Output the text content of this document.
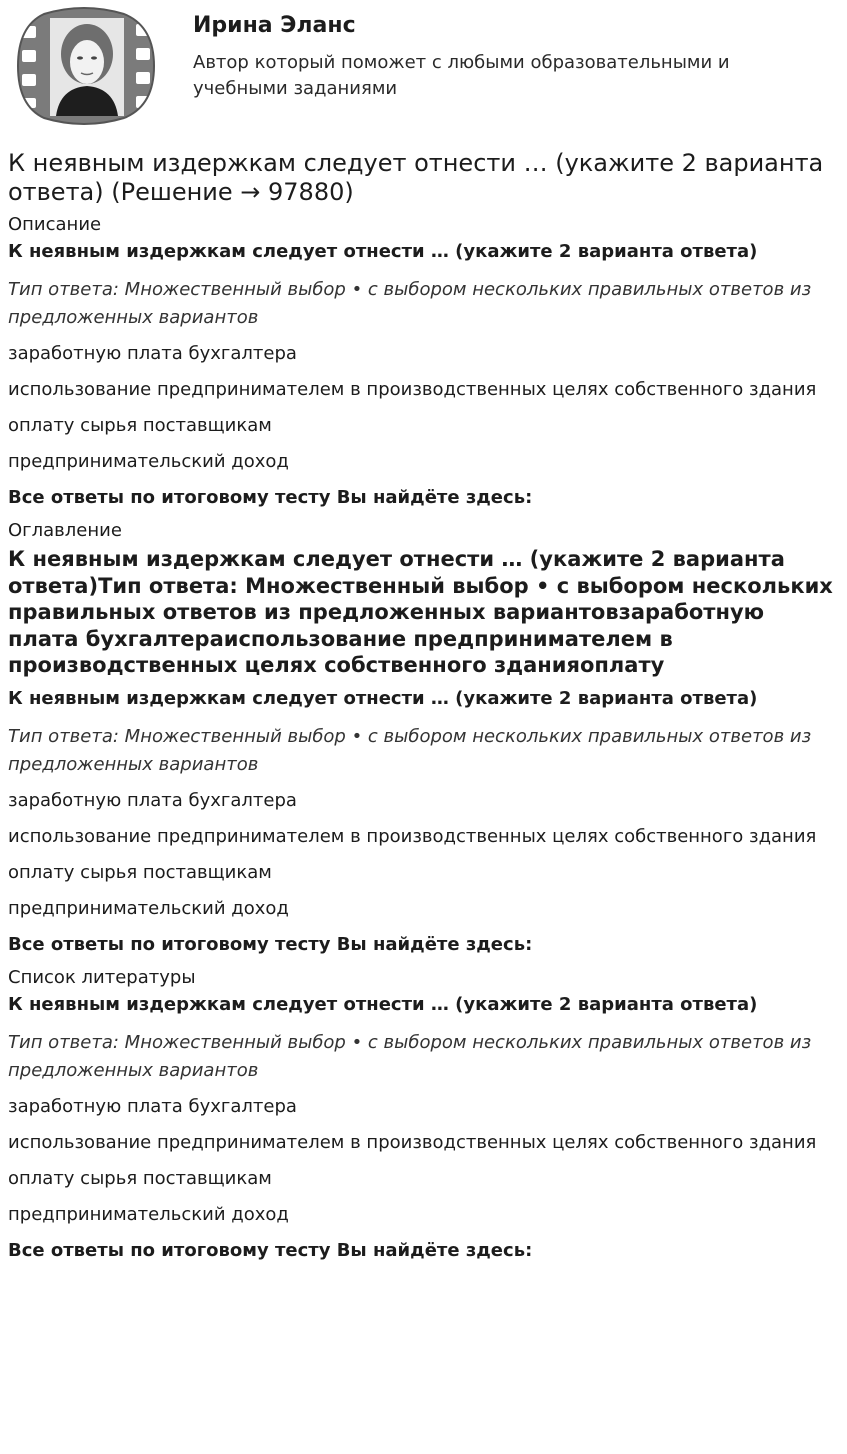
Ирина Эланс

Автор который поможет с любыми образовательными и учебными заданиями

К неявным издержкам следует отнести … (укажите 2 варианта ответа) (Решение → 97880)
Описание

К неявным издержкам следует отнести … (укажите 2 варианта ответа)

Тип ответа: Множественный выбор • с выбором нескольких правильных ответов из предложенных вариантов

заработную плата бухгалтера

использование предпринимателем в производственных целях собственного здания

оплату сырья поставщикам

предпринимательский доход

Все ответы по итоговому тесту Вы найдёте здесь:

Оглавление
К неявным издержкам следует отнести … (укажите 2 варианта ответа)Тип ответа: Множественный выбор • с выбором нескольких правильных ответов из предложенных вариантовзаработную плата бухгалтераиспользование предпринимателем в производственных целях собственного зданияоплату

К неявным издержкам следует отнести … (укажите 2 варианта ответа)

Тип ответа: Множественный выбор • с выбором нескольких правильных ответов из предложенных вариантов

заработную плата бухгалтера

использование предпринимателем в производственных целях собственного здания

оплату сырья поставщикам

предпринимательский доход

Все ответы по итоговому тесту Вы найдёте здесь:

Список литературы

К неявным издержкам следует отнести … (укажите 2 варианта ответа)

Тип ответа: Множественный выбор • с выбором нескольких правильных ответов из предложенных вариантов

заработную плата бухгалтера

использование предпринимателем в производственных целях собственного здания

оплату сырья поставщикам

предпринимательский доход

Все ответы по итоговому тесту Вы найдёте здесь:
